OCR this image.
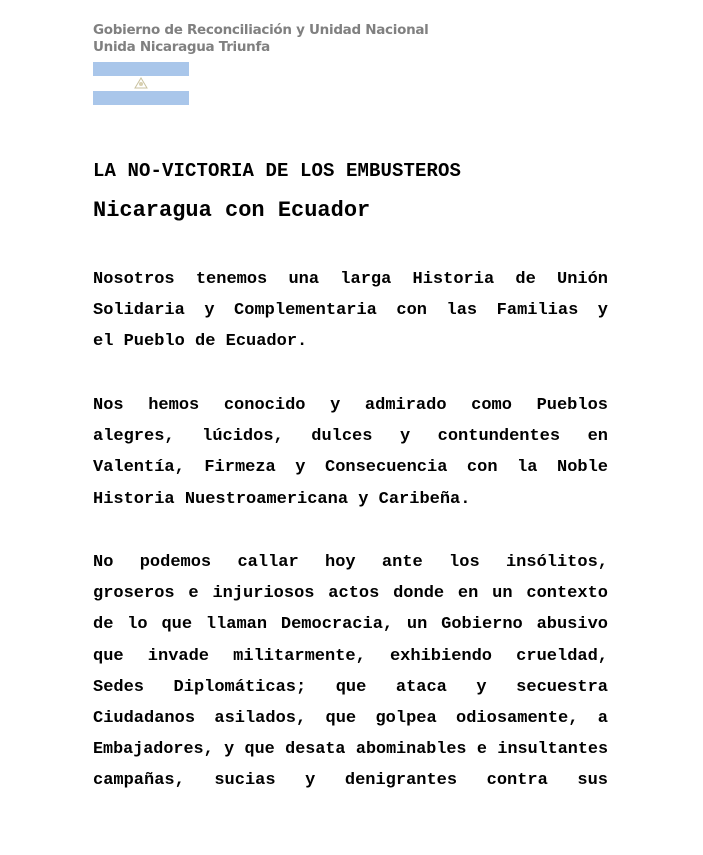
Gobierno de Reconciliación y Unidad Nacional
Unida Nicaragua Triunfa
LA NO-VICTORIA DE LOS EMBUSTEROS
Nicaragua con Ecuador
Nosotros tenemos una larga Historia de Unión
Solidaria y Complementaria con las Familias y
el Pueblo de Ecuador.
Nos hemos conocido y admirado como Pueblos
alegres, lúcidos, dulces y contundentes en
Valentía, Firmeza y Consecuencia con la Noble
Historia Nuestroamericana y Caribeña.
No podemos callar hoy ante los insólitos,
groseros e injuriosos actos donde en un contexto
de lo que llaman Democracia, un Gobierno abusivo
que invade militarmente, exhibiendo crueldad,
Sedes Diplomáticas; que ataca y secuestra
Ciudadanos asilados, que golpea odiosamente, a
Embajadores, y que desata abominables e insultantes
campañas, sucias y denigrantes contra sus
